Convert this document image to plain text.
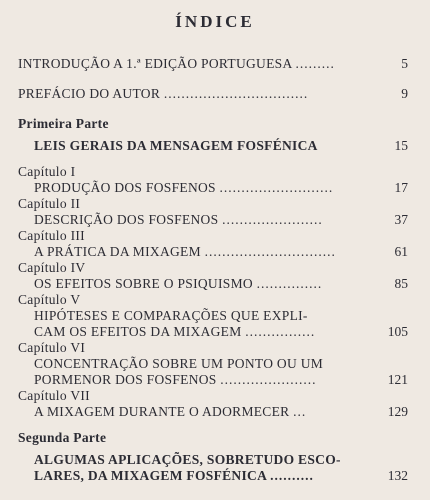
ÍNDICE
INTRODUÇÃO A 1.ª EDIÇÃO PORTUGUESA .........	5
PREFÁCIO DO AUTOR .................................	9
Primeira Parte
LEIS GERAIS DA MENSAGEM FOSFÉNICA	15
Capítulo I
PRODUÇÃO DOS FOSFENOS ..........................	17
Capítulo II
DESCRIÇÃO DOS FOSFENOS .......................	37
Capítulo III
A PRÁTICA DA MIXAGEM ..............................	61
Capítulo IV
OS EFEITOS SOBRE O PSIQUISMO ...............	85
Capítulo V
HIPÓTESES E COMPARAÇÕES QUE EXPLI-
CAM OS EFEITOS DA MIXAGEM ................	105
Capítulo VI
CONCENTRAÇÃO SOBRE UM PONTO OU UM
PORMENOR DOS FOSFENOS ......................	121
Capítulo VII
A MIXAGEM DURANTE O ADORMECER ...	129
Segunda Parte
ALGUMAS APLICAÇÕES, SOBRETUDO ESCO-
LARES, DA MIXAGEM FOSFÉNICA ..........	132
